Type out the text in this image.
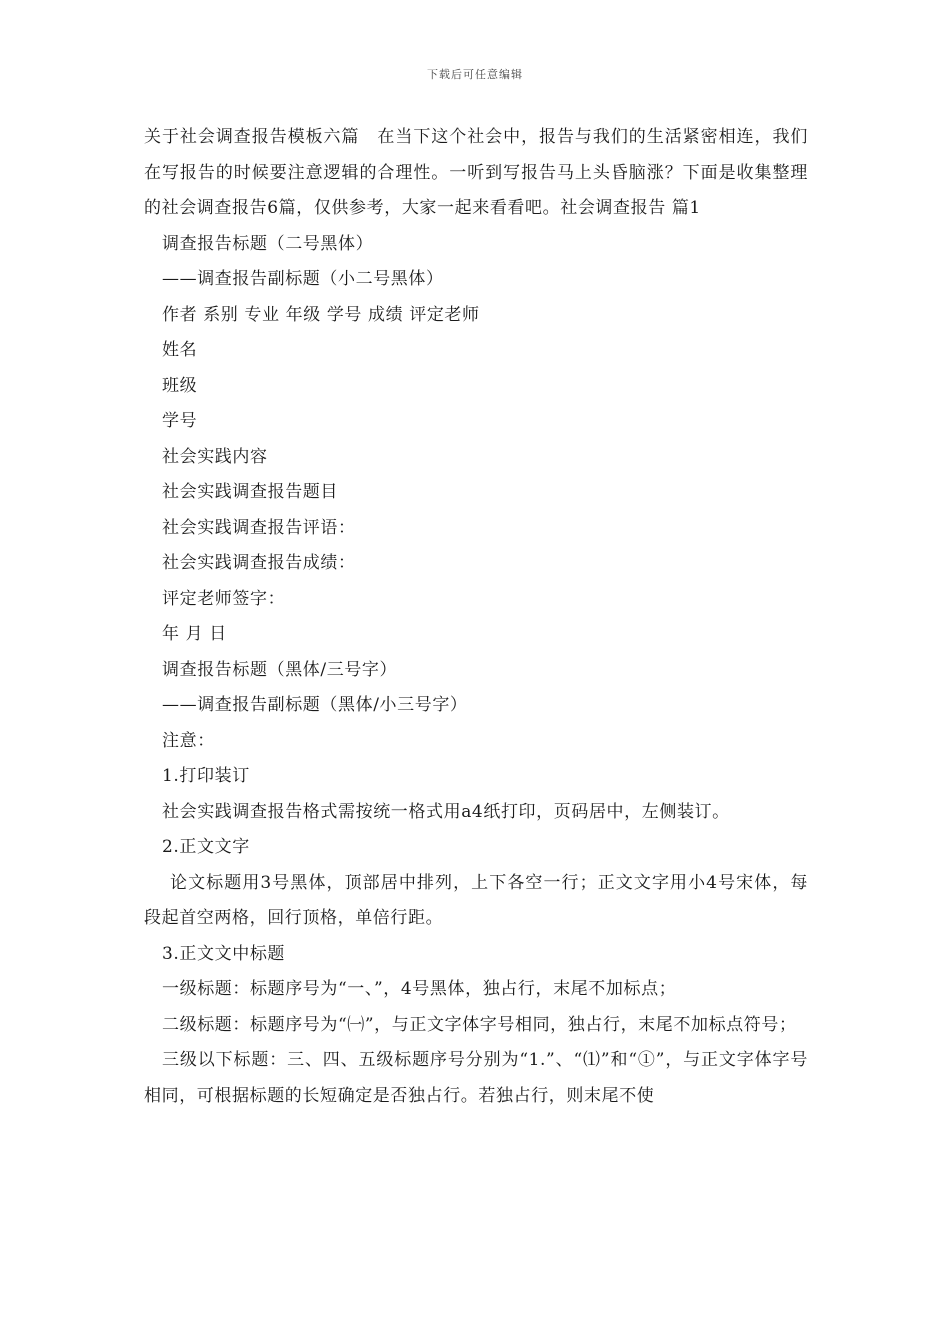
下载后可任意编辑

关于社会调查报告模板六篇　在当下这个社会中，报告与我们的生活紧密相连，我们在写报告的时候要注意逻辑的合理性。一听到写报告马上头昏脑涨？下面是收集整理的社会调查报告6篇，仅供参考，大家一起来看看吧。社会调查报告 篇1

调查报告标题（二号黑体）

——调查报告副标题（小二号黑体）

作者 系别 专业 年级 学号 成绩 评定老师

姓名

班级

学号

社会实践内容

社会实践调查报告题目

社会实践调查报告评语：

社会实践调查报告成绩：

评定老师签字：

年 月 日

调查报告标题（黑体/三号字）

——调查报告副标题（黑体/小三号字）

注意：

1.打印装订

社会实践调查报告格式需按统一格式用a4纸打印，页码居中，左侧装订。

2.正文文字

论文标题用3号黑体，顶部居中排列，上下各空一行；正文文字用小4号宋体，每段起首空两格，回行顶格，单倍行距。

3.正文文中标题

一级标题：标题序号为“一、”，4号黑体，独占行，末尾不加标点；

二级标题：标题序号为“㈠”，与正文字体字号相同，独占行，末尾不加标点符号；

三级以下标题：三、四、五级标题序号分别为“1.”、“⑴”和“①”，与正文字体字号相同，可根据标题的长短确定是否独占行。若独占行，则末尾不使
